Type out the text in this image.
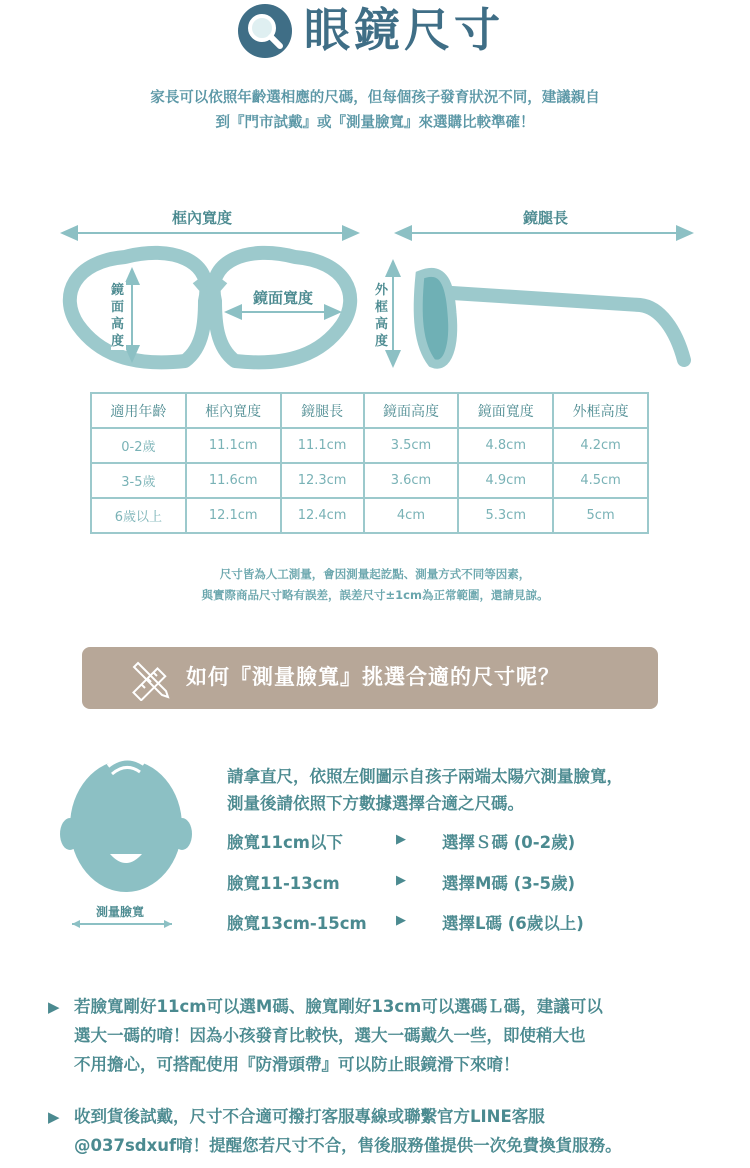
眼鏡尺寸
家長可以依照年齡選相應的尺碼，但每個孩子發育狀況不同，建議親自
到『門市試戴』或『測量臉寬』來選購比較準確！
框內寬度	鏡腿長
鏡面寬度
鏡面高度
外框高度
適用年齡	框內寬度	鏡腿長	鏡面高度	鏡面寬度	外框高度
0-2歲	11.1cm	11.1cm	3.5cm	4.8cm	4.2cm
3-5歲	11.6cm	12.3cm	3.6cm	4.9cm	4.5cm
6歲以上	12.1cm	12.4cm	4cm	5.3cm	5cm
尺寸皆為人工測量，會因測量起訖點、測量方式不同等因素，
與實際商品尺寸略有誤差，誤差尺寸±1cm為正常範圍，還請見諒。
如何『測量臉寬』挑選合適的尺寸呢？
測量臉寬
請拿直尺，依照左側圖示自孩子兩端太陽穴測量臉寬，
測量後請依照下方數據選擇合適之尺碼。
臉寬11cm以下	▶ 選擇Ｓ碼 (0-2歲)
臉寬11-13cm	▶ 選擇M碼 (3-5歲)
臉寬13cm-15cm ▶ 選擇L碼 (6歲以上)
▶ 若臉寬剛好11cm可以選M碼、臉寬剛好13cm可以選碼Ｌ碼，建議可以
選大一碼的唷！因為小孩發育比較快，選大一碼戴久一些，即使稍大也
不用擔心，可搭配使用『防滑頭帶』可以防止眼鏡滑下來唷！
▶ 收到貨後試戴，尺寸不合適可撥打客服專線或聯繫官方LINE客服
@037sdxuf唷！提醒您若尺寸不合，售後服務僅提供一次免費換貨服務。
